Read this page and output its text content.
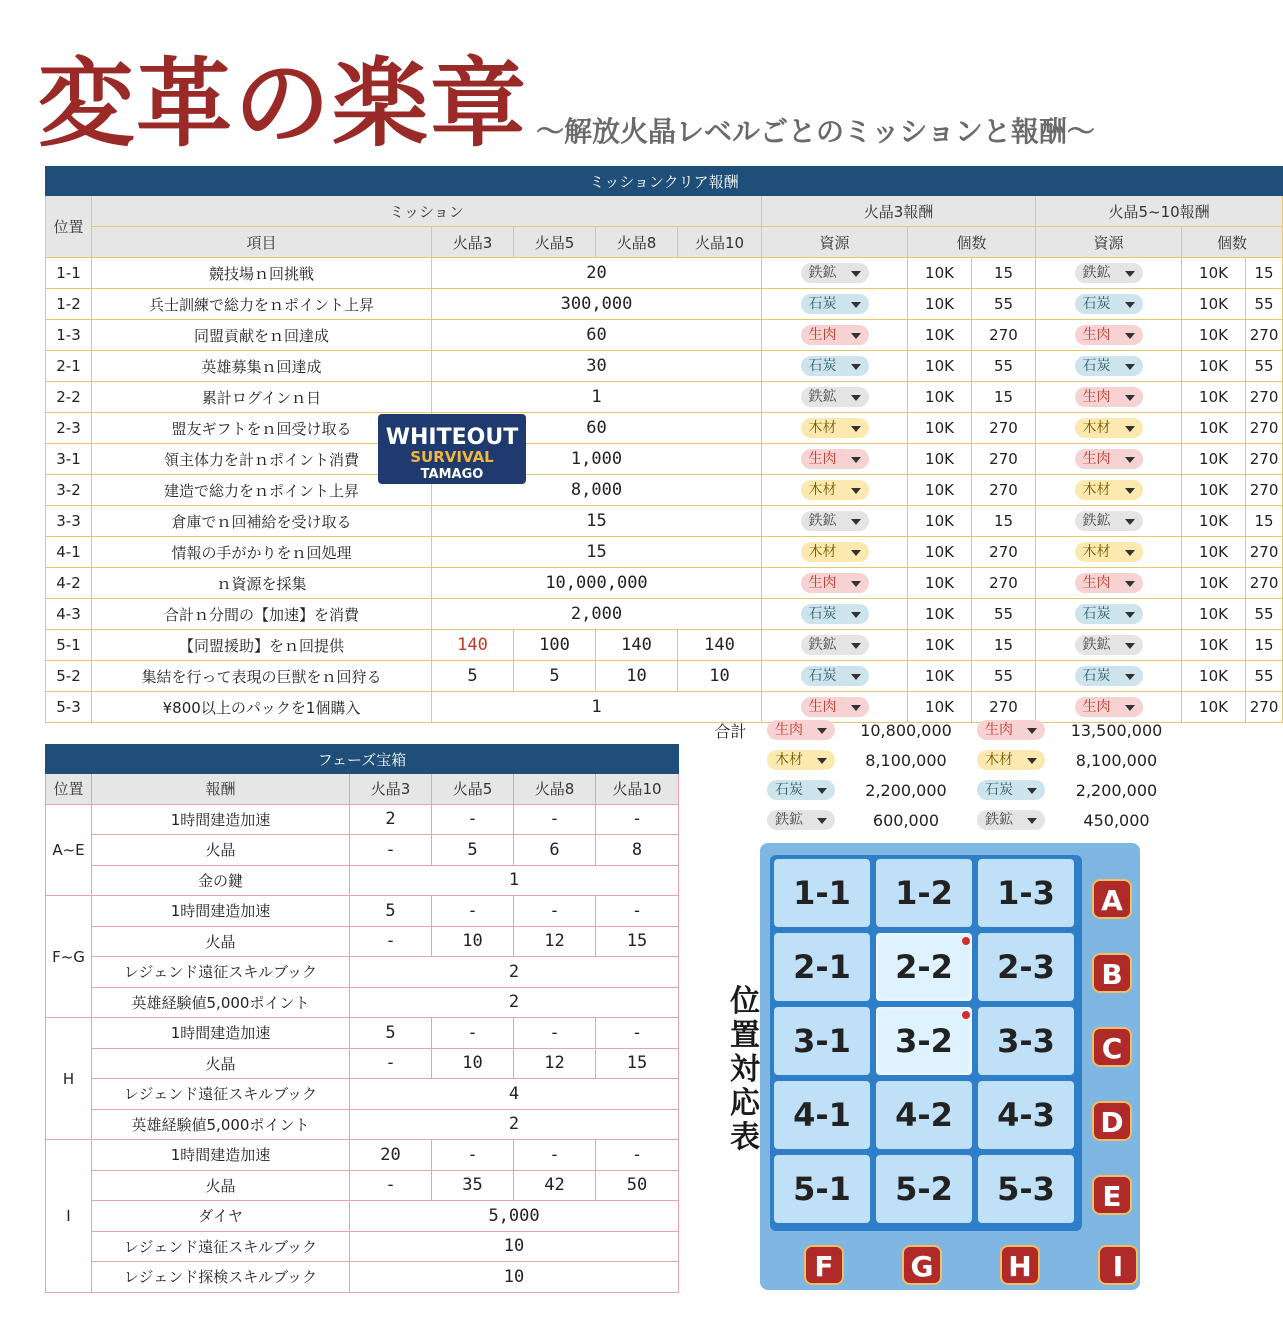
変革の楽章 〜解放火晶レベルごとのミッションと報酬〜
ミッションクリア報酬											
位置	ミッション					火晶3報酬			火晶5~10報酬		
	項目	火晶3	火晶5	火晶8	火晶10	資源	個数		資源	個数	
1-1	競技場ｎ回挑戦	20				鉄鉱	10K	15	鉄鉱	10K	15
1-2	兵士訓練で総力をｎポイント上昇	300,000				石炭	10K	55	石炭	10K	55
1-3	同盟貢献をｎ回達成	60				生肉	10K	270	生肉	10K	270
2-1	英雄募集ｎ回達成	30				石炭	10K	55	石炭	10K	55
2-2	累計ログインｎ日	1				鉄鉱	10K	15	生肉	10K	270
2-3	盟友ギフトをｎ回受け取る	60				木材	10K	270	木材	10K	270
3-1	領主体力を計ｎポイント消費	1,000				生肉	10K	270	生肉	10K	270
3-2	建造で総力をｎポイント上昇	8,000				木材	10K	270	木材	10K	270
3-3	倉庫でｎ回補給を受け取る	15				鉄鉱	10K	15	鉄鉱	10K	15
4-1	情報の手がかりをｎ回処理	15				木材	10K	270	木材	10K	270
4-2	ｎ資源を採集	10,000,000				生肉	10K	270	生肉	10K	270
4-3	合計ｎ分間の【加速】を消費	2,000				石炭	10K	55	石炭	10K	55
5-1	【同盟援助】をｎ回提供	140	100	140	140	鉄鉱	10K	15	鉄鉱	10K	15
5-2	集結を行って表現の巨獣をｎ回狩る	5	5	10	10	石炭	10K	55	石炭	10K	55
5-3	¥800以上のパックを1個購入	1				生肉	10K	270	生肉	10K	270
合計	生肉	10,800,000	生肉	13,500,000
	木材	8,100,000	木材	8,100,000
	石炭	2,200,000	石炭	2,200,000
	鉄鉱	600,000	鉄鉱	450,000
フェーズ宝箱					
位置	報酬	火晶3	火晶5	火晶8	火晶10
A~E	1時間建造加速	2	-	-	-
	火晶	-	5	6	8
	金の鍵	1			
F~G	1時間建造加速	5	-	-	-
	火晶	-	10	12	15
	レジェンド遠征スキルブック	2			
	英雄経験値5,000ポイント	2			
H	1時間建造加速	5	-	-	-
	火晶	-	10	12	15
	レジェンド遠征スキルブック	4			
	英雄経験値5,000ポイント	2			
I	1時間建造加速	20	-	-	-
	火晶	-	35	42	50
	ダイヤ	5,000			
	レジェンド遠征スキルブック	10			
	レジェンド探検スキルブック	10			
WHITEOUT
SURVIVAL
TAMAGO
位置対応表
1-1	1-2	1-3
2-1	2-2	2-3
3-1	3-2	3-3
4-1	4-2	4-3
5-1	5-2	5-3
A
B
C
D
E
F	G	H	I
